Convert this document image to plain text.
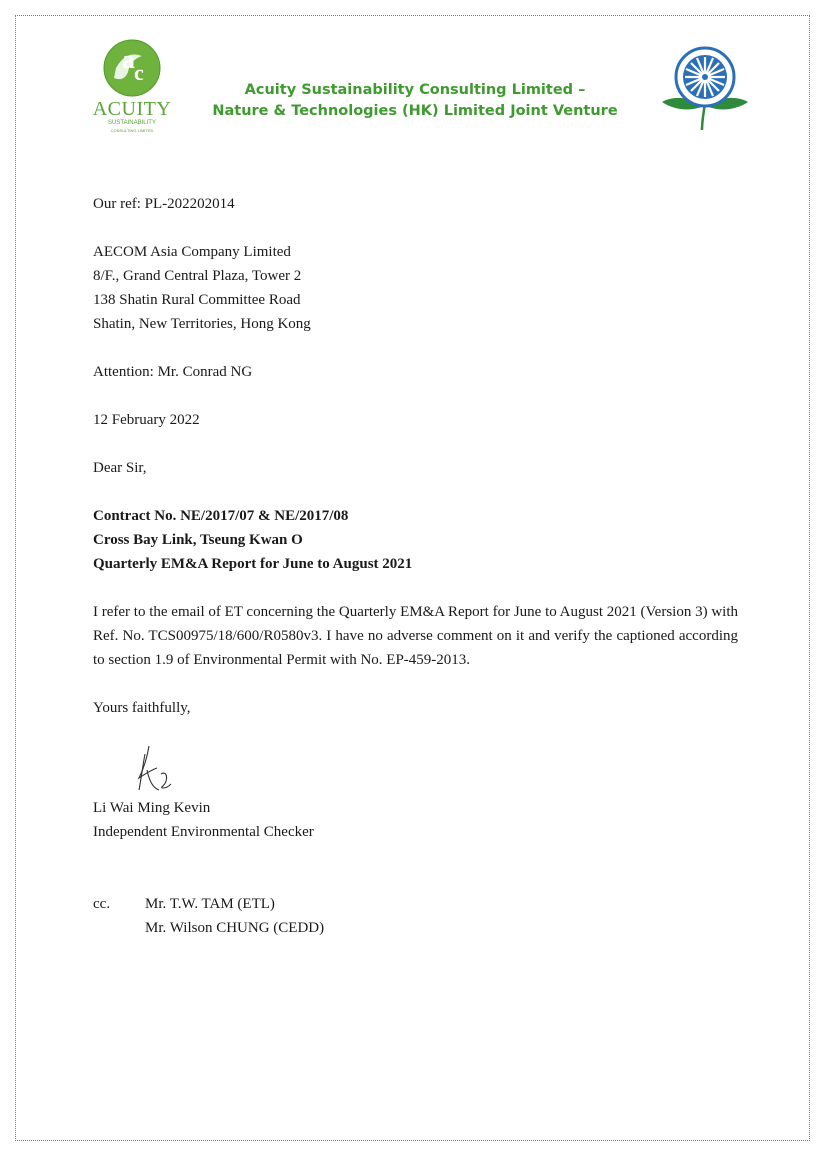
c
ACUITY
SUSTAINABILITY
CONSULTING LIMITED
Acuity Sustainability Consulting Limited –
Nature & Technologies (HK) Limited Joint Venture

Our ref: PL-202202014

AECOM Asia Company Limited

8/F., Grand Central Plaza, Tower 2

138 Shatin Rural Committee Road

Shatin, New Territories, Hong Kong

Attention: Mr. Conrad NG

12 February 2022

Dear Sir,

Contract No. NE/2017/07 & NE/2017/08

Cross Bay Link, Tseung Kwan O

Quarterly EM&A Report for June to August 2021

I refer to the email of ET concerning the Quarterly EM&A Report for June to August 2021 (Version 3) with Ref. No. TCS00975/18/600/R0580v3. I have no adverse comment on it and verify the captioned according to section 1.9 of Environmental Permit with No. EP-459-2013.

Yours faithfully,

Li Wai Ming Kevin

Independent Environmental Checker

cc.	Mr. T.W. TAM (ETL)
Mr. Wilson CHUNG (CEDD)
